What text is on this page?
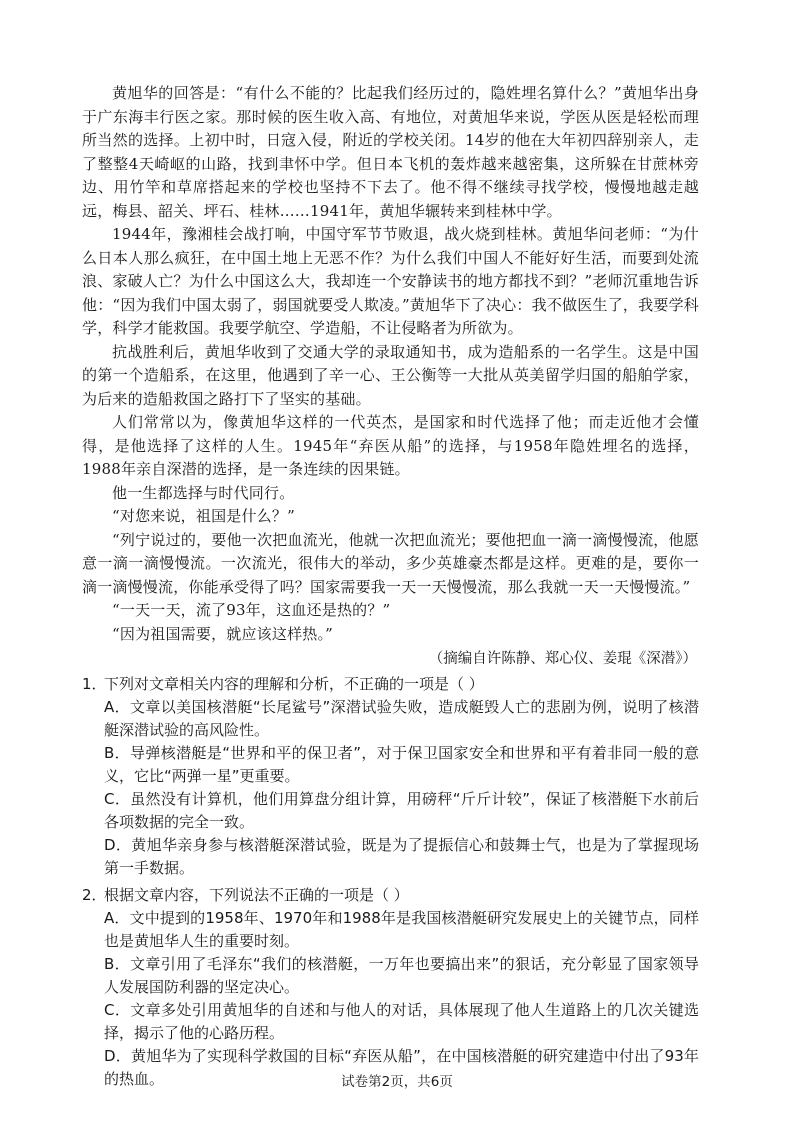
黄旭华的回答是：“有什么不能的？比起我们经历过的，隐姓埋名算什么？”黄旭华出身于广东海丰行医之家。那时候的医生收入高、有地位，对黄旭华来说，学医从医是轻松而理所当然的选择。上初中时，日寇入侵，附近的学校关闭。14岁的他在大年初四辞别亲人，走了整整4天崎岖的山路，找到聿怀中学。但日本飞机的轰炸越来越密集，这所躲在甘蔗林旁边、用竹竿和草席搭起来的学校也坚持不下去了。他不得不继续寻找学校，慢慢地越走越远，梅县、韶关、坪石、桂林……1941年，黄旭华辗转来到桂林中学。

1944年，豫湘桂会战打响，中国守军节节败退，战火烧到桂林。黄旭华问老师：“为什么日本人那么疯狂，在中国土地上无恶不作？为什么我们中国人不能好好生活，而要到处流浪、家破人亡？为什么中国这么大，我却连一个安静读书的地方都找不到？”老师沉重地告诉他：“因为我们中国太弱了，弱国就要受人欺凌。”黄旭华下了决心：我不做医生了，我要学科学，科学才能救国。我要学航空、学造船，不让侵略者为所欲为。

抗战胜利后，黄旭华收到了交通大学的录取通知书，成为造船系的一名学生。这是中国的第一个造船系，在这里，他遇到了辛一心、王公衡等一大批从英美留学归国的船舶学家，为后来的造船救国之路打下了坚实的基础。

人们常常以为，像黄旭华这样的一代英杰，是国家和时代选择了他；而走近他才会懂得，是他选择了这样的人生。1945年“弃医从船”的选择，与1958年隐姓埋名的选择，1988年亲自深潜的选择，是一条连续的因果链。

他一生都选择与时代同行。

“对您来说，祖国是什么？”

“列宁说过的，要他一次把血流光，他就一次把血流光；要他把血一滴一滴慢慢流，他愿意一滴一滴慢慢流。一次流光，很伟大的举动，多少英雄豪杰都是这样。更难的是，要你一滴一滴慢慢流，你能承受得了吗？国家需要我一天一天慢慢流，那么我就一天一天慢慢流。”

“一天一天，流了93年，这血还是热的？”

“因为祖国需要，就应该这样热。”

（摘编自许陈静、郑心仪、姜琨《深潜》）

1．下列对文章相关内容的理解和分析，不正确的一项是（ ）

A．文章以美国核潜艇“长尾鲨号”深潜试验失败，造成艇毁人亡的悲剧为例，说明了核潜艇深潜试验的高风险性。

B．导弹核潜艇是“世界和平的保卫者”，对于保卫国家安全和世界和平有着非同一般的意义，它比“两弹一星”更重要。

C．虽然没有计算机，他们用算盘分组计算，用磅秤“斤斤计较”，保证了核潜艇下水前后各项数据的完全一致。

D．黄旭华亲身参与核潜艇深潜试验，既是为了提振信心和鼓舞士气，也是为了掌握现场第一手数据。

2．根据文章内容，下列说法不正确的一项是（ ）

A．文中提到的1958年、1970年和1988年是我国核潜艇研究发展史上的关键节点，同样也是黄旭华人生的重要时刻。

B．文章引用了毛泽东“我们的核潜艇，一万年也要搞出来”的狠话，充分彰显了国家领导人发展国防利器的坚定决心。

C．文章多处引用黄旭华的自述和与他人的对话，具体展现了他人生道路上的几次关键选择，揭示了他的心路历程。

D．黄旭华为了实现科学救国的目标“弃医从船”，在中国核潜艇的研究建造中付出了93年的热血。	试卷第2页，共6页
